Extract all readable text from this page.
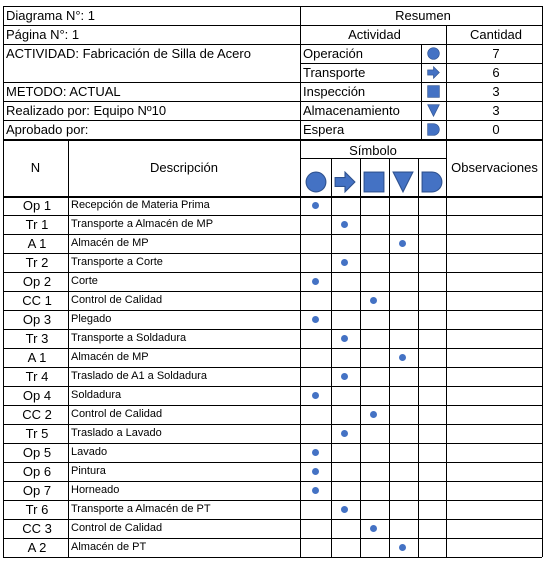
Diagrama N°: 1
Página N°: 1
ACTIVIDAD: Fabricación de Silla de Acero
METODO: ACTUAL
Realizado por: Equipo Nº10
Aprobado por:
Resumen
Actividad	Cantidad
Operación	7
Transporte	6
Inspección	3
Almacenamiento	3
Espera	0
N	Descripción
Símbolo
Observaciones
Op 1	Recepción de Materia Prima
Tr 1	Transporte a Almacén de MP
A 1	Almacén de MP
Tr 2	Transporte a Corte
Op 2	Corte
CC 1	Control de Calidad
Op 3	Plegado
Tr 3	Transporte a Soldadura
A 1	Almacén de MP
Tr 4	Traslado de A1 a Soldadura
Op 4	Soldadura
CC 2	Control de Calidad
Tr 5	Traslado a Lavado
Op 5	Lavado
Op 6	Pintura
Op 7	Horneado
Tr 6	Transporte a Almacén de PT
CC 3	Control de Calidad
A 2	Almacén de PT
